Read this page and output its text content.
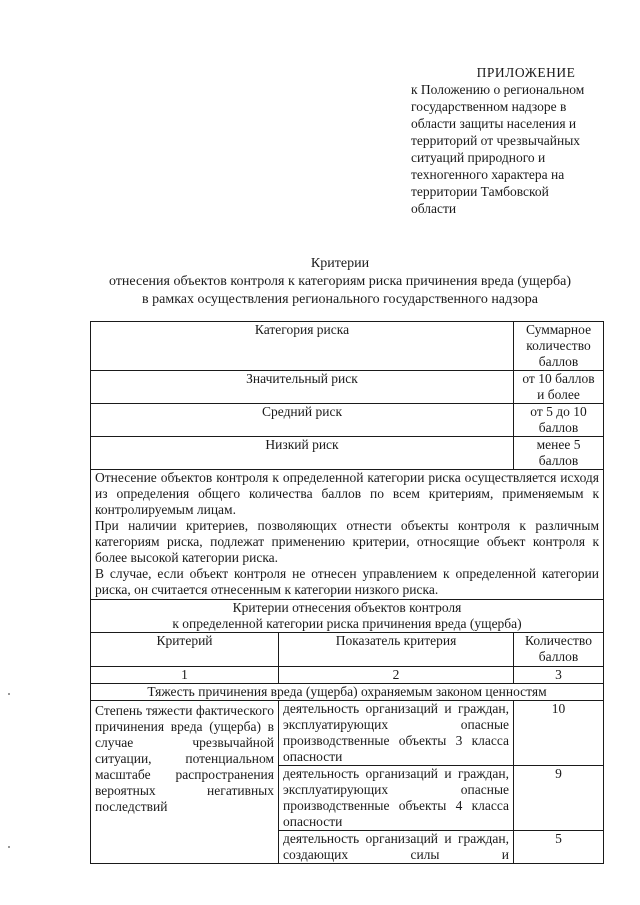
ПРИЛОЖЕНИЕ
к Положению о региональном
государственном надзоре в
области защиты населения и
территорий от чрезвычайных
ситуаций природного и
техногенного характера на
территории Тамбовской
области
Критерии
отнесения объектов контроля к категориям риска причинения вреда (ущерба)
в рамках осуществления регионального государственного надзора
Категория риска		Суммарное количество баллов
Значительный риск		от 10 баллов и более
Средний риск		от 5 до 10 баллов
Низкий риск		менее 5 баллов

Отнесение объектов контроля к определенной категории риска осуществляется исходя из определения общего количества баллов по всем критериям, применяемым к контролируемым лицам.

При наличии критериев, позволяющих отнести объекты контроля к различным категориям риска, подлежат применению критерии, относящие объект контроля к более высокой категории риска.

В случае, если объект контроля не отнесен управлением к определенной категории риска, он считается отнесенным к категории низкого риска.		

Критерии отнесения объектов контроля
к определенной категории риска причинения вреда (ущерба)		

Критерий	Показатель критерия	Количество баллов
1	2	3
Тяжесть причинения вреда (ущерба) охраняемым законом ценностям		
Степень тяжести фактического причинения вреда (ущерба) в случае чрезвычайной ситуации, потенциальном масштабе распространения вероятных негативных последствий	деятельность организаций и граждан, эксплуатирующих опасные производственные объекты 3 класса опасности	10
	деятельность организаций и граждан, эксплуатирующих опасные производственные объекты 4 класса опасности	9
	деятельность организаций и граждан, создающих силы и	5
